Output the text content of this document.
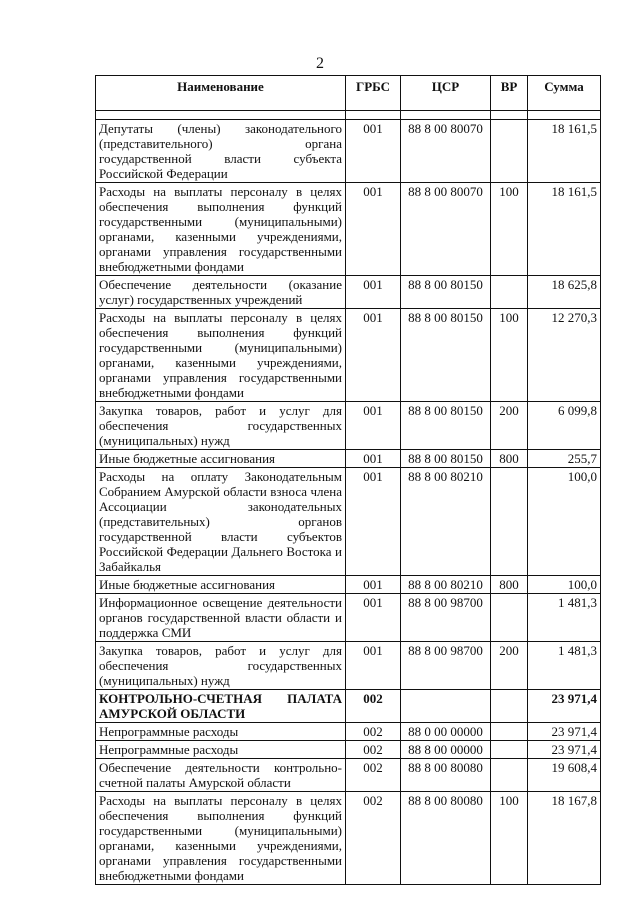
2
Наименование	ГРБС	ЦСР	ВР	Сумма

Депутаты (члены) законодательного (представительного) органа государственной власти субъекта Российской Федерации	001	88 8 00 80070		18 161,5
Расходы на выплаты персоналу в целях обеспечения выполнения функций государственными (муниципальными) органами, казенными учреждениями, органами управления государственными внебюджетными фондами	001	88 8 00 80070	100	18 161,5
Обеспечение деятельности (оказание услуг) государственных учреждений	001	88 8 00 80150		18 625,8
Расходы на выплаты персоналу в целях обеспечения выполнения функций государственными (муниципальными) органами, казенными учреждениями, органами управления государственными внебюджетными фондами	001	88 8 00 80150	100	12 270,3
Закупка товаров, работ и услуг для обеспечения государственных (муниципальных) нужд	001	88 8 00 80150	200	6 099,8
Иные бюджетные ассигнования	001	88 8 00 80150	800	255,7
Расходы на оплату Законодательным Собранием Амурской области взноса члена Ассоциации законодательных (представительных) органов государственной власти субъектов Российской Федерации Дальнего Востока и Забайкалья	001	88 8 00 80210		100,0
Иные бюджетные ассигнования	001	88 8 00 80210	800	100,0
Информационное освещение деятельности органов государственной власти области и поддержка СМИ	001	88 8 00 98700		1 481,3
Закупка товаров, работ и услуг для обеспечения государственных (муниципальных) нужд	001	88 8 00 98700	200	1 481,3
КОНТРОЛЬНО-СЧЕТНАЯ ПАЛАТА АМУРСКОЙ ОБЛАСТИ	002			23 971,4
Непрограммные расходы	002	88 0 00 00000		23 971,4
Непрограммные расходы	002	88 8 00 00000		23 971,4
Обеспечение деятельности контрольно-счетной палаты Амурской области	002	88 8 00 80080		19 608,4
Расходы на выплаты персоналу в целях обеспечения выполнения функций государственными (муниципальными) органами, казенными учреждениями, органами управления государственными внебюджетными фондами	002	88 8 00 80080	100	18 167,8
